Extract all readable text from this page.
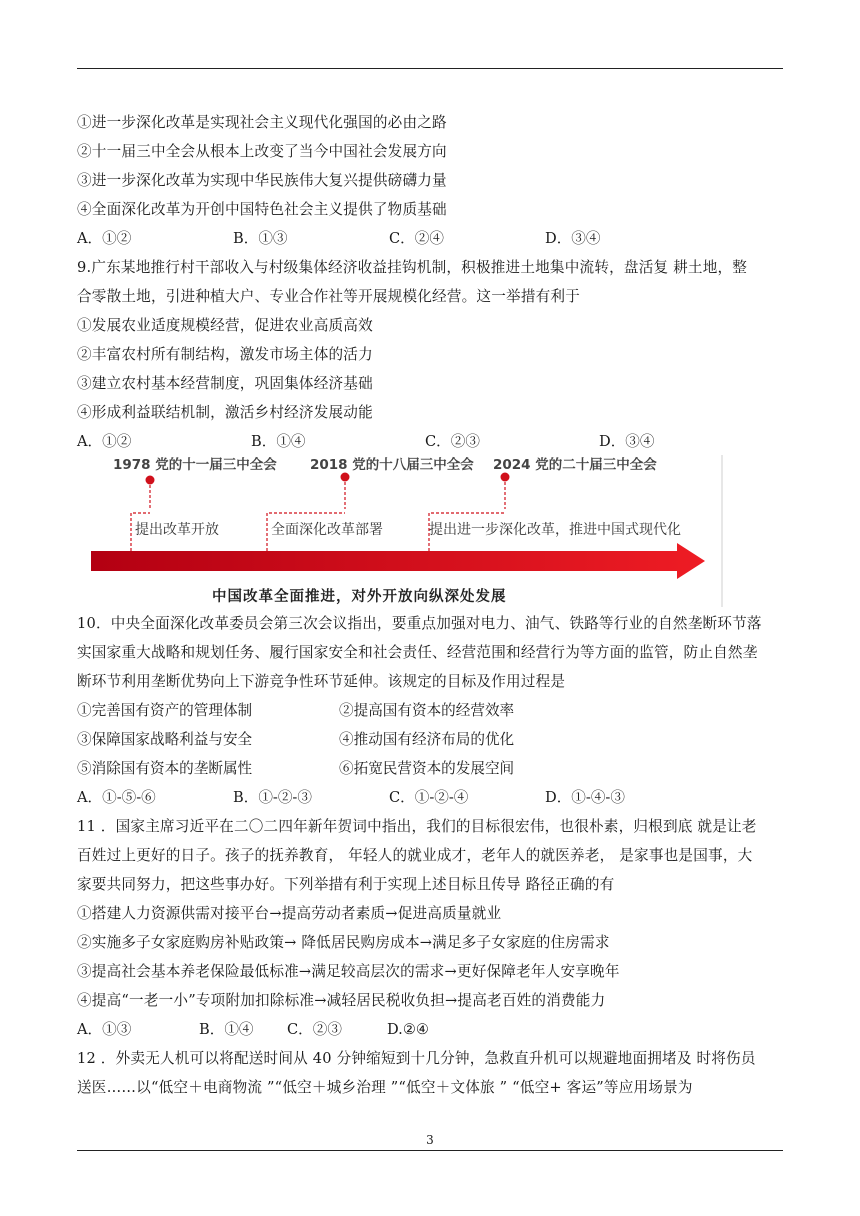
①进一步深化改革是实现社会主义现代化强国的必由之路
②十一届三中全会从根本上改变了当今中国社会发展方向
③进一步深化改革为实现中华民族伟大复兴提供磅礴力量
④全面深化改革为开创中国特色社会主义提供了物质基础
A．①②	B．①③	C．②④	D．③④
9.广东某地推行村干部收入与村级集体经济收益挂钩机制，积极推进土地集中流转，盘活复 耕土地，整
合零散土地，引进种植大户、专业合作社等开展规模化经营。这一举措有利于
①发展农业适度规模经营，促进农业高质高效
②丰富农村所有制结构，激发市场主体的活力
③建立农村基本经营制度，巩固集体经济基础
④形成利益联结机制，激活乡村经济发展动能
A．①②	B．①④	C．②③	D．③④
1978 党的十一届三中全会 2018 党的十八届三中全会 2024 党的二十届三中全会
提出改革开放	全面深化改革部署	提出进一步深化改革，推进中国式现代化
中国改革全面推进，对外开放向纵深处发展
10．中央全面深化改革委员会第三次会议指出，要重点加强对电力、油气、铁路等行业的自然垄断环节落
实国家重大战略和规划任务、履行国家安全和社会责任、经营范围和经营行为等方面的监管，防止自然垄
断环节利用垄断优势向上下游竞争性环节延伸。该规定的目标及作用过程是
①完善国有资产的管理体制	②提高国有资本的经营效率
③保障国家战略利益与安全	④推动国有经济布局的优化
⑤消除国有资本的垄断属性	⑥拓宽民营资本的发展空间
A．①-⑤-⑥	B．①-②-③	C．①-②-④	D．①-④-③
11 ．国家主席习近平在二〇二四年新年贺词中指出，我们的目标很宏伟，也很朴素，归根到底 就是让老
百姓过上更好的日子。孩子的抚养教育， 年轻人的就业成才，老年人的就医养老， 是家事也是国事，大
家要共同努力，把这些事办好。下列举措有利于实现上述目标且传导 路径正确的有
①搭建人力资源供需对接平台→提高劳动者素质→促进高质量就业
②实施多子女家庭购房补贴政策→ 降低居民购房成本→满足多子女家庭的住房需求
③提高社会基本养老保险最低标准→满足较高层次的需求→更好保障老年人安享晚年
④提高“一老一小”专项附加扣除标准→减轻居民税收负担→提高老百姓的消费能力
A．①③	B．①④ C．②③	D.②④
12 ．外卖无人机可以将配送时间从 40 分钟缩短到十几分钟，急救直升机可以规避地面拥堵及 时将伤员
送医……以“低空＋电商物流 ”“低空＋城乡治理 ”“低空＋文体旅 ” “低空+ 客运”等应用场景为
3
